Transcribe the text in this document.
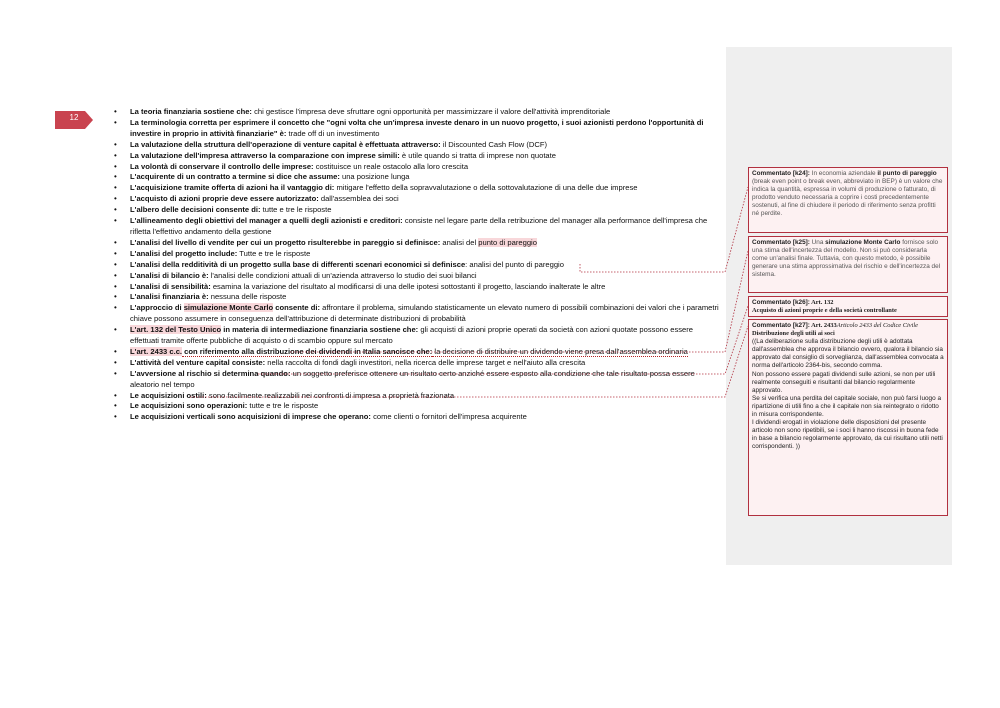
12
• La teoria finanziaria sostiene che: chi gestisce l'impresa deve sfruttare ogni opportunità per massimizzare il valore dell'attività imprenditoriale
• La terminologia corretta per esprimere il concetto che "ogni volta che un'impresa investe denaro in un nuovo progetto, i suoi azionisti perdono l'opportunità di investire in proprio in attività finanziarie" è: trade off di un investimento
• La valutazione della struttura dell'operazione di venture capital è effettuata attraverso: il Discounted Cash Flow (DCF)
• La valutazione dell'impresa attraverso la comparazione con imprese simili: è utile quando si tratta di imprese non quotate
• La volontà di conservare il controllo delle imprese: costituisce un reale ostacolo alla loro crescita
• L'acquirente di un contratto a termine si dice che assume: una posizione lunga
• L'acquisizione tramite offerta di azioni ha il vantaggio di: mitigare l'effetto della sopravvalutazione o della sottovalutazione di una delle due imprese
• L'acquisto di azioni proprie deve essere autorizzato: dall'assemblea dei soci
• L'albero delle decisioni consente di: tutte e tre le risposte
• L'allineamento degli obiettivi del manager a quelli degli azionisti e creditori: consiste nel legare parte della retribuzione del manager alla performance dell'impresa che rifletta l'effettivo andamento della gestione
• L'analisi del livello di vendite per cui un progetto risulterebbe in pareggio si definisce: analisi del punto di pareggio
• L'analisi del progetto include: Tutte e tre le risposte
• L'analisi della redditività di un progetto sulla base di differenti scenari economici si definisce: analisi del punto di pareggio
• L'analisi di bilancio è: l'analisi delle condizioni attuali di un'azienda attraverso lo studio dei suoi bilanci
• L'analisi di sensibilità: esamina la variazione del risultato al modificarsi di una delle ipotesi sottostanti il progetto, lasciando inalterate le altre
• L'analisi finanziaria è: nessuna delle risposte
• L'approccio di simulazione Monte Carlo consente di: affrontare il problema, simulando statisticamente un elevato numero di possibili combinazioni dei valori che i parametri chiave possono assumere in conseguenza dell'attribuzione di determinate distribuzioni di probabilità
• L'art. 132 del Testo Unico in materia di intermediazione finanziaria sostiene che: gli acquisti di azioni proprie operati da società con azioni quotate possono essere effettuati tramite offerte pubbliche di acquisto o di scambio oppure sul mercato
• L'art. 2433 c.c. con riferimento alla distribuzione dei dividendi in Italia sancisce che: la decisione di distribuire un dividendo viene presa dall'assemblea ordinaria
• L'attività del venture capital consiste: nella raccolta di fondi dagli investitori, nella ricerca delle imprese target e nell'aiuto alla crescita
• L'avversione al rischio si determina quando: un soggetto preferisce ottenere un risultato certo anziché essere esposto alla condizione che tale risultato possa essere aleatorio nel tempo
• Le acquisizioni ostili: sono facilmente realizzabili nei confronti di impresa a proprietà frazionata
• Le acquisizioni sono operazioni: tutte e tre le risposte
• Le acquisizioni verticali sono acquisizioni di imprese che operano: come clienti o fornitori dell'impresa acquirente
Commentato [k24]: In economia aziendale il punto di pareggio (break even point o break even, abbreviato in BEP) è un valore che indica la quantità, espressa in volumi di produzione o fatturato, di prodotto venduto necessaria a coprire i costi precedentemente sostenuti, al fine di chiudere il periodo di riferimento senza profitti né perdite.
Commentato [k25]: Una simulazione Monte Carlo fornisce solo una stima dell'incertezza del modello. Non si può considerarla come un'analisi finale. Tuttavia, con questo metodo, è possibile generare una stima approssimativa del rischio e dell'incertezza del sistema.
Commentato [k26]: Art. 132
Acquisto di azioni proprie e della società controllante
Commentato [k27]: Art. 2433Articolo 2433 del Codice Civile
Distribuzione degli utili ai soci
((La deliberazione sulla distribuzione degli utili è adottata dall'assemblea che approva il bilancio ovvero, qualora il bilancio sia approvato dal consiglio di sorveglianza, dall'assemblea convocata a norma dell'articolo 2364-bis, secondo comma.
Non possono essere pagati dividendi sulle azioni, se non per utili realmente conseguiti e risultanti dal bilancio regolarmente approvato.
Se si verifica una perdita del capitale sociale, non può farsi luogo a ripartizione di utili fino a che il capitale non sia reintegrato o ridotto in misura corrispondente.
I dividendi erogati in violazione delle disposizioni del presente articolo non sono ripetibili, se i soci li hanno riscossi in buona fede in base a bilancio regolarmente approvato, da cui risultano utili netti corrispondenti. ))
